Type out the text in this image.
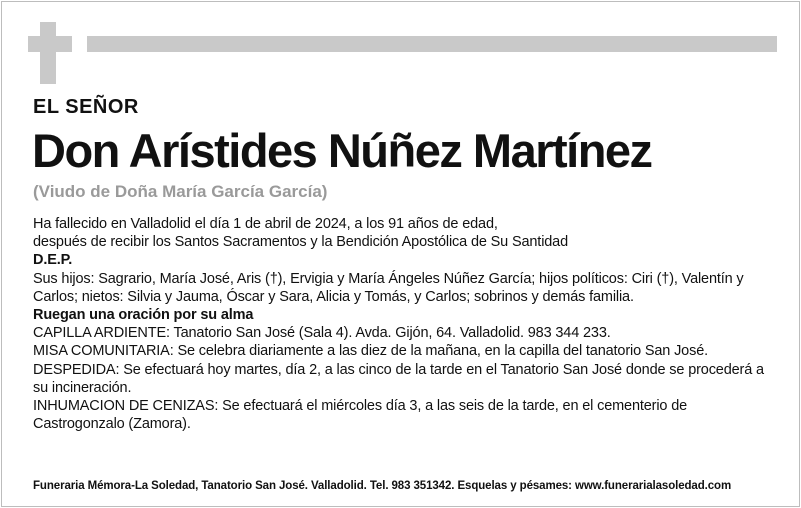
EL SEÑOR
Don Arístides Núñez Martínez

(Viudo de Doña María García García)

Ha fallecido en Valladolid el día 1 de abril de 2024, a los 91 años de edad,

después de recibir los Santos Sacramentos y la Bendición Apostólica de Su Santidad

D.E.P.

Sus hijos: Sagrario, María José, Aris (†), Ervigia y María Ángeles Núñez García; hijos políticos: Ciri (†), Valentín y Carlos; nietos: Silvia y Jauma, Óscar y Sara, Alicia y Tomás, y Carlos; sobrinos y demás familia.

Ruegan una oración por su alma

CAPILLA ARDIENTE: Tanatorio San José (Sala 4). Avda. Gijón, 64. Valladolid. 983 344 233.

MISA COMUNITARIA: Se celebra diariamente a las diez de la mañana, en la capilla del tanatorio San José.

DESPEDIDA: Se efectuará hoy martes, día 2, a las cinco de la tarde en el Tanatorio San José donde se procederá a su incineración.

INHUMACION DE CENIZAS: Se efectuará el miércoles día 3, a las seis de la tarde, en el cementerio de Castrogonzalo (Zamora).

Funeraria Mémora-La Soledad, Tanatorio San José. Valladolid. Tel. 983 351342. Esquelas y pésames: www.funerarialasoledad.com
